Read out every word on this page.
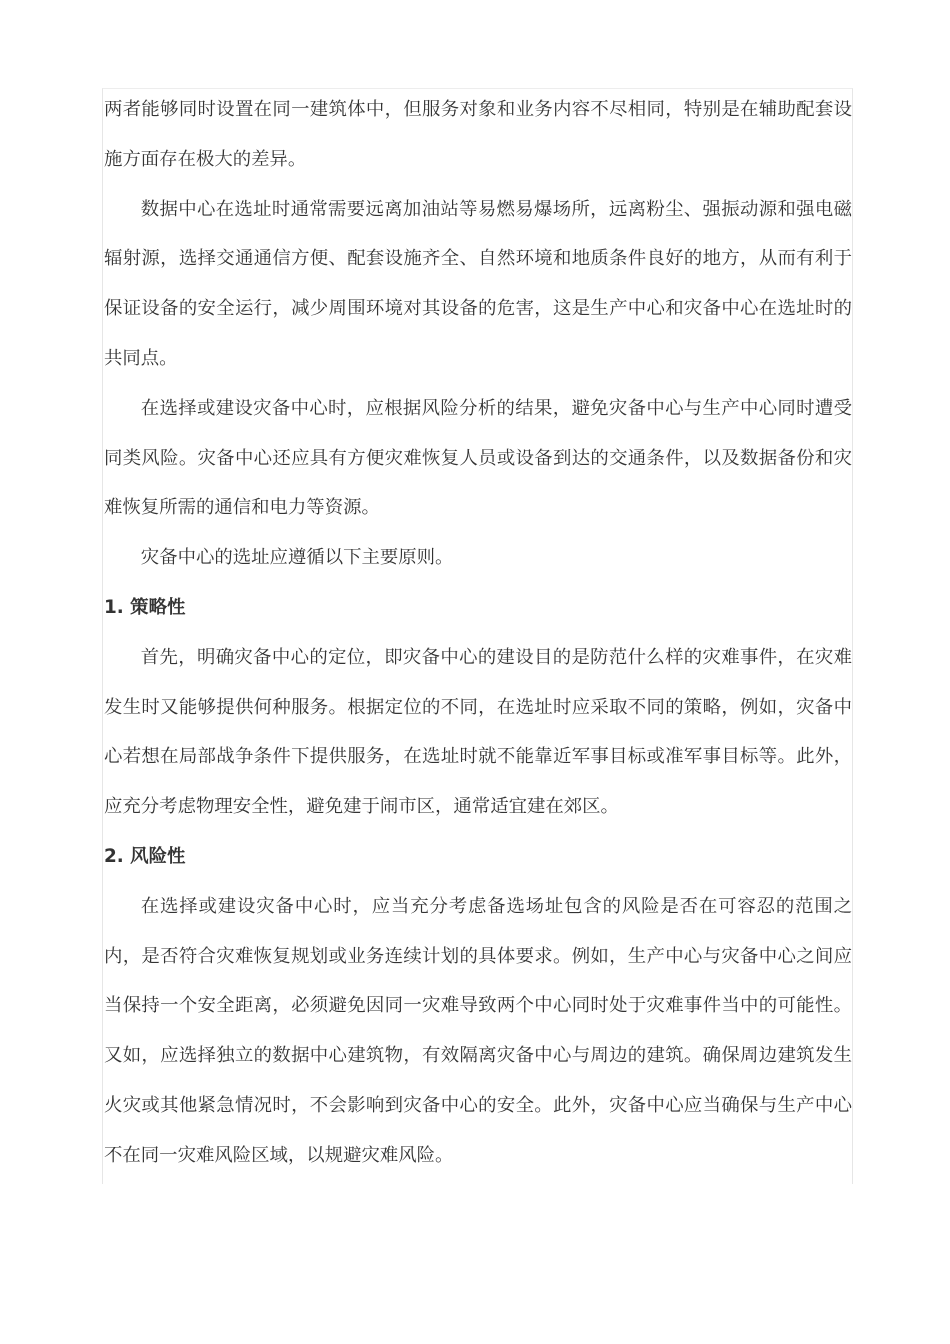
两者能够同时设置在同一建筑体中，但服务对象和业务内容不尽相同，特别是在辅助配套设施方面存在极大的差异。

数据中心在选址时通常需要远离加油站等易燃易爆场所，远离粉尘、强振动源和强电磁辐射源，选择交通通信方便、配套设施齐全、自然环境和地质条件良好的地方，从而有利于保证设备的安全运行，减少周围环境对其设备的危害，这是生产中心和灾备中心在选址时的共同点。

在选择或建设灾备中心时，应根据风险分析的结果，避免灾备中心与生产中心同时遭受同类风险。灾备中心还应具有方便灾难恢复人员或设备到达的交通条件，以及数据备份和灾难恢复所需的通信和电力等资源。

灾备中心的选址应遵循以下主要原则。

1. 策略性

首先，明确灾备中心的定位，即灾备中心的建设目的是防范什么样的灾难事件，在灾难发生时又能够提供何种服务。根据定位的不同，在选址时应采取不同的策略，例如，灾备中心若想在局部战争条件下提供服务，在选址时就不能靠近军事目标或准军事目标等。此外，应充分考虑物理安全性，避免建于闹市区，通常适宜建在郊区。

2. 风险性

在选择或建设灾备中心时，应当充分考虑备选场址包含的风险是否在可容忍的范围之内，是否符合灾难恢复规划或业务连续计划的具体要求。例如，生产中心与灾备中心之间应当保持一个安全距离，必须避免因同一灾难导致两个中心同时处于灾难事件当中的可能性。又如，应选择独立的数据中心建筑物，有效隔离灾备中心与周边的建筑。确保周边建筑发生火灾或其他紧急情况时，不会影响到灾备中心的安全。此外，灾备中心应当确保与生产中心不在同一灾难风险区域，以规避灾难风险。
